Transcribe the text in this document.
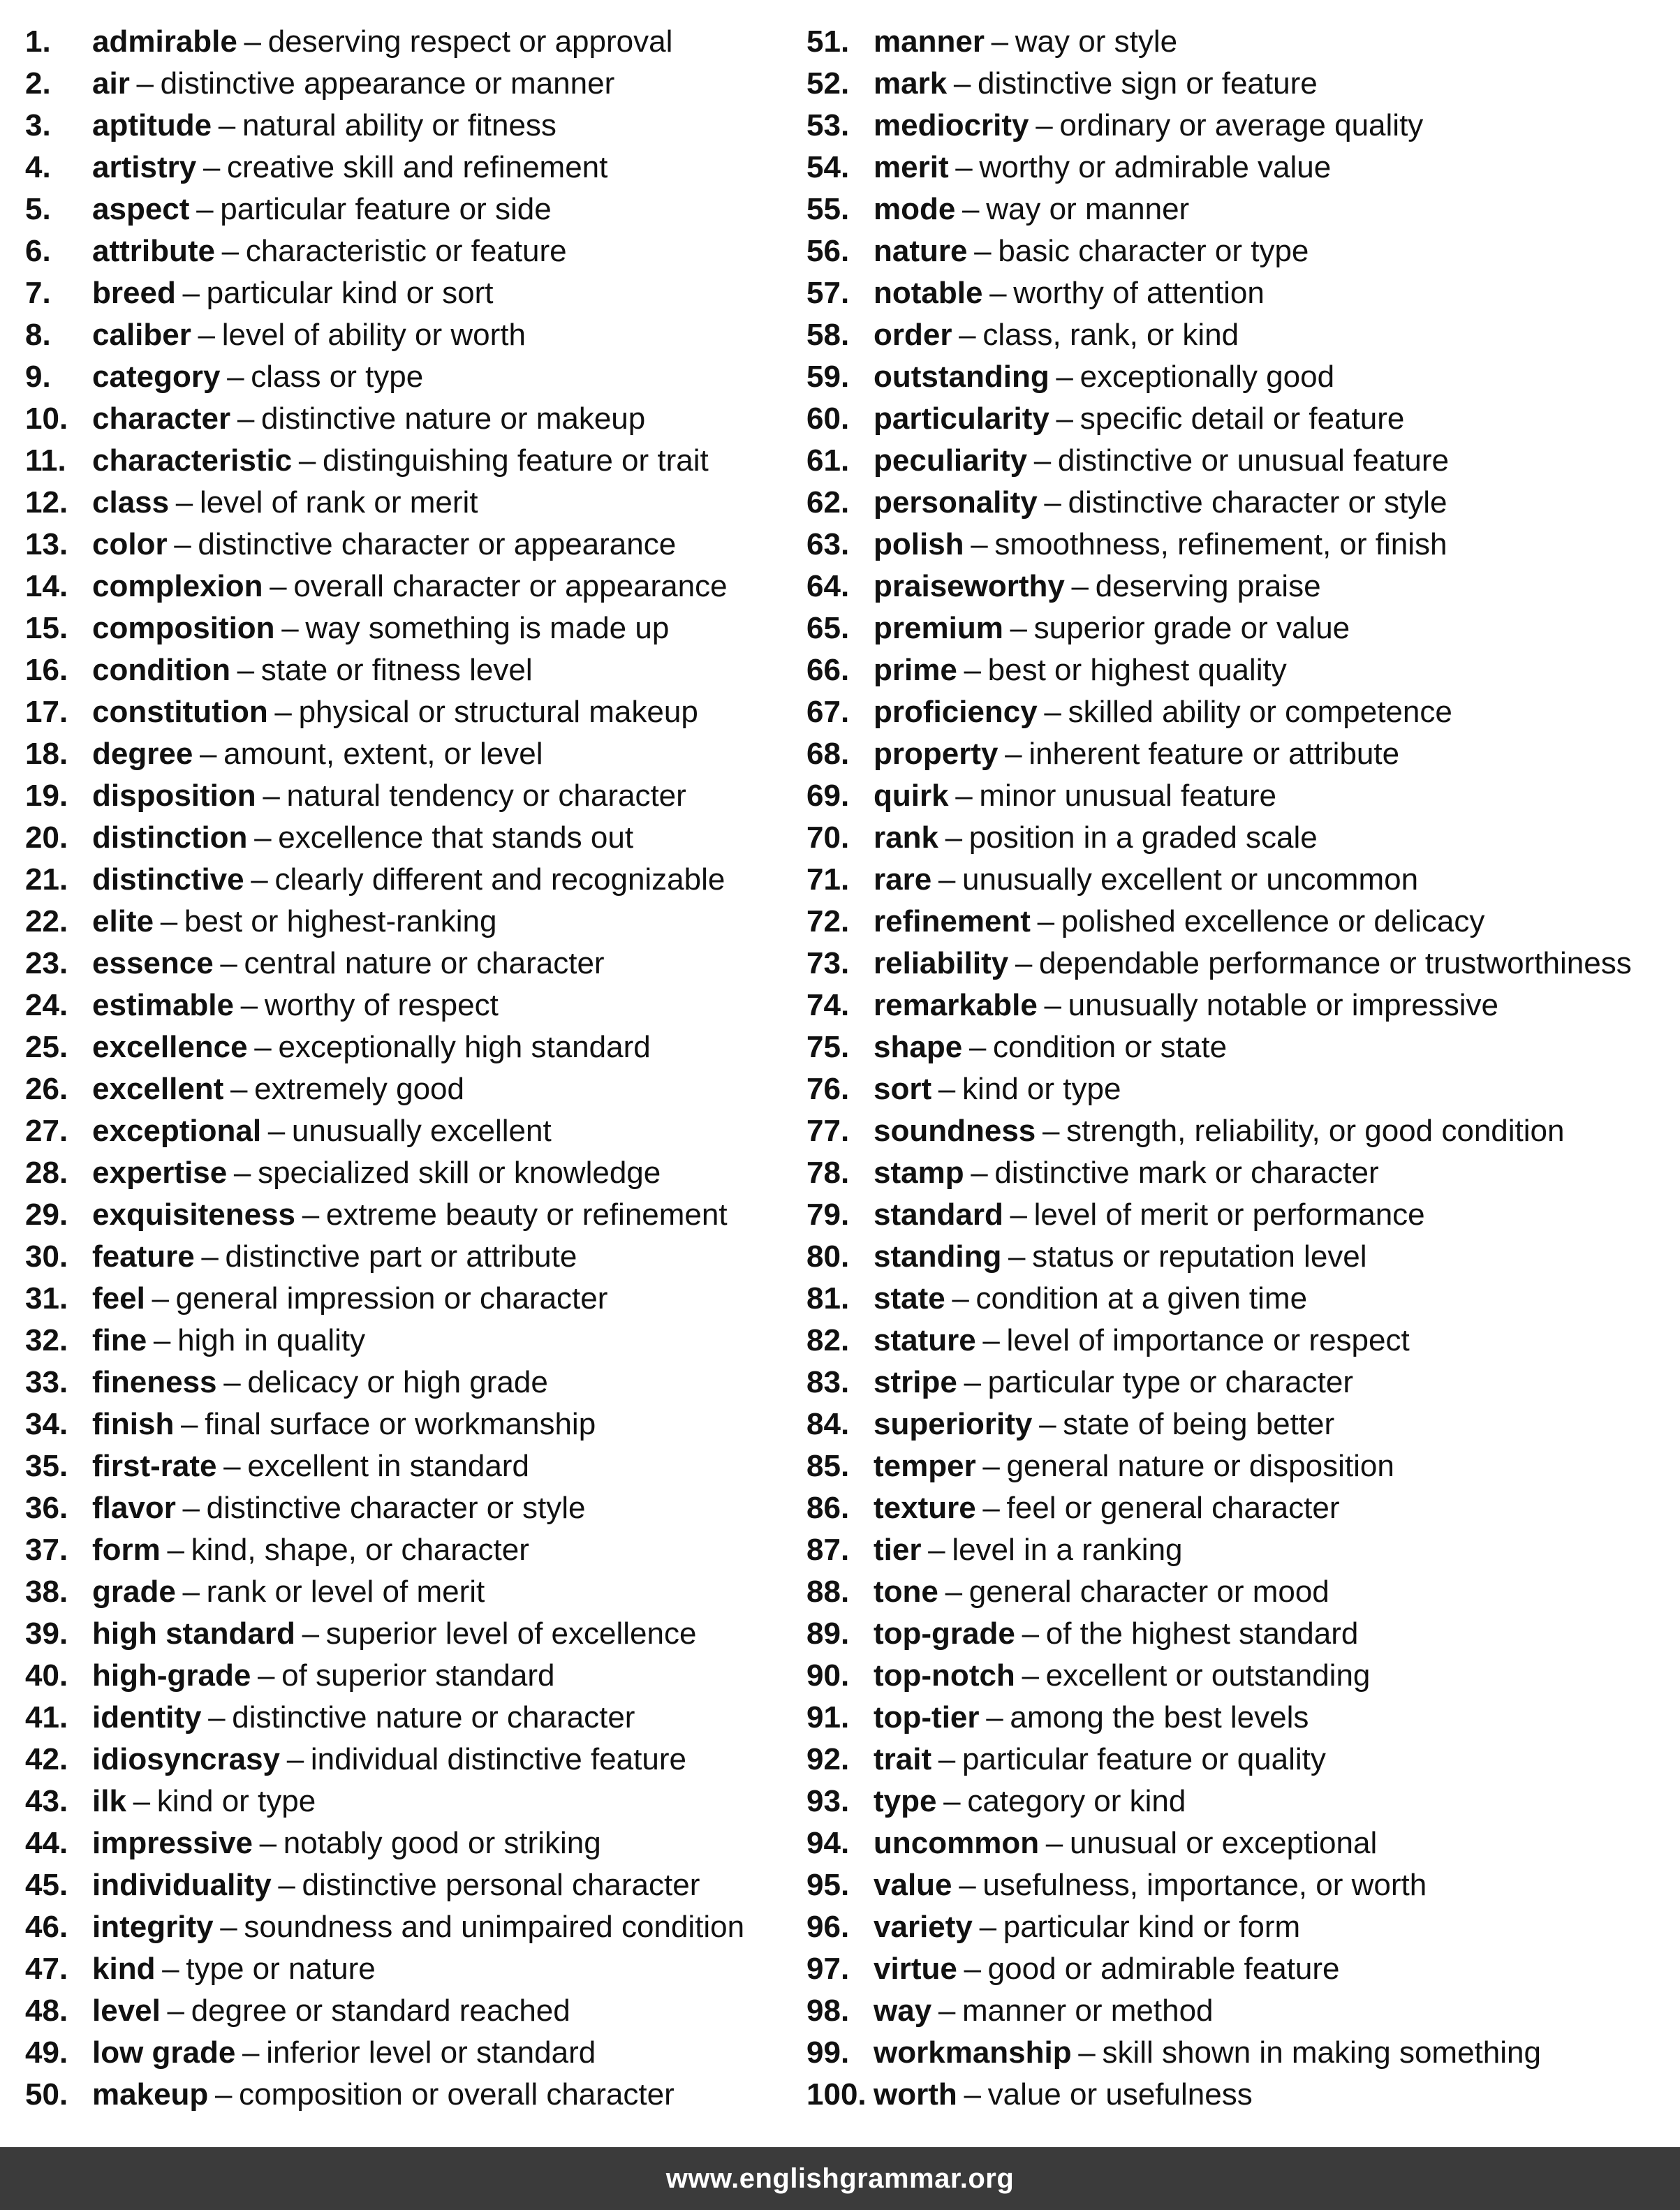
1.	admirable – deserving respect or approval
2.	air – distinctive appearance or manner
3.	aptitude – natural ability or fitness
4.	artistry – creative skill and refinement
5.	aspect – particular feature or side
6.	attribute – characteristic or feature
7.	breed – particular kind or sort
8.	caliber – level of ability or worth
9.	category – class or type
10. character – distinctive nature or makeup
11. characteristic – distinguishing feature or trait
12. class – level of rank or merit
13. color – distinctive character or appearance
14. complexion – overall character or appearance
15. composition – way something is made up
16. condition – state or fitness level
17. constitution – physical or structural makeup
18. degree – amount, extent, or level
19. disposition – natural tendency or character
20. distinction – excellence that stands out
21. distinctive – clearly different and recognizable
22. elite – best or highest-ranking
23. essence – central nature or character
24. estimable – worthy of respect
25. excellence – exceptionally high standard
26. excellent – extremely good
27. exceptional – unusually excellent
28. expertise – specialized skill or knowledge
29. exquisiteness – extreme beauty or refinement
30. feature – distinctive part or attribute
31. feel – general impression or character
32. fine – high in quality
33. fineness – delicacy or high grade
34. finish – final surface or workmanship
35. first-rate – excellent in standard
36. flavor – distinctive character or style
37. form – kind, shape, or character
38. grade – rank or level of merit
39. high standard – superior level of excellence
40. high-grade – of superior standard
41. identity – distinctive nature or character
42. idiosyncrasy – individual distinctive feature
43. ilk – kind or type
44. impressive – notably good or striking
45. individuality – distinctive personal character
46. integrity – soundness and unimpaired condition
47. kind – type or nature
48. level – degree or standard reached
49. low grade – inferior level or standard
50. makeup – composition or overall character
51. manner – way or style
52. mark – distinctive sign or feature
53. mediocrity – ordinary or average quality
54. merit – worthy or admirable value
55. mode – way or manner
56. nature – basic character or type
57. notable – worthy of attention
58. order – class, rank, or kind
59. outstanding – exceptionally good
60. particularity – specific detail or feature
61. peculiarity – distinctive or unusual feature
62. personality – distinctive character or style
63. polish – smoothness, refinement, or finish
64. praiseworthy – deserving praise
65. premium – superior grade or value
66. prime – best or highest quality
67. proficiency – skilled ability or competence
68. property – inherent feature or attribute
69. quirk – minor unusual feature
70. rank – position in a graded scale
71. rare – unusually excellent or uncommon
72. refinement – polished excellence or delicacy
73. reliability – dependable performance or trustworthiness
74. remarkable – unusually notable or impressive
75. shape – condition or state
76. sort – kind or type
77. soundness – strength, reliability, or good condition
78. stamp – distinctive mark or character
79. standard – level of merit or performance
80. standing – status or reputation level
81. state – condition at a given time
82. stature – level of importance or respect
83. stripe – particular type or character
84. superiority – state of being better
85. temper – general nature or disposition
86. texture – feel or general character
87. tier – level in a ranking
88. tone – general character or mood
89. top-grade – of the highest standard
90. top-notch – excellent or outstanding
91. top-tier – among the best levels
92. trait – particular feature or quality
93. type – category or kind
94. uncommon – unusual or exceptional
95. value – usefulness, importance, or worth
96. variety – particular kind or form
97. virtue – good or admirable feature
98. way – manner or method
99. workmanship – skill shown in making something
100. worth – value or usefulness
www.englishgrammar.org
